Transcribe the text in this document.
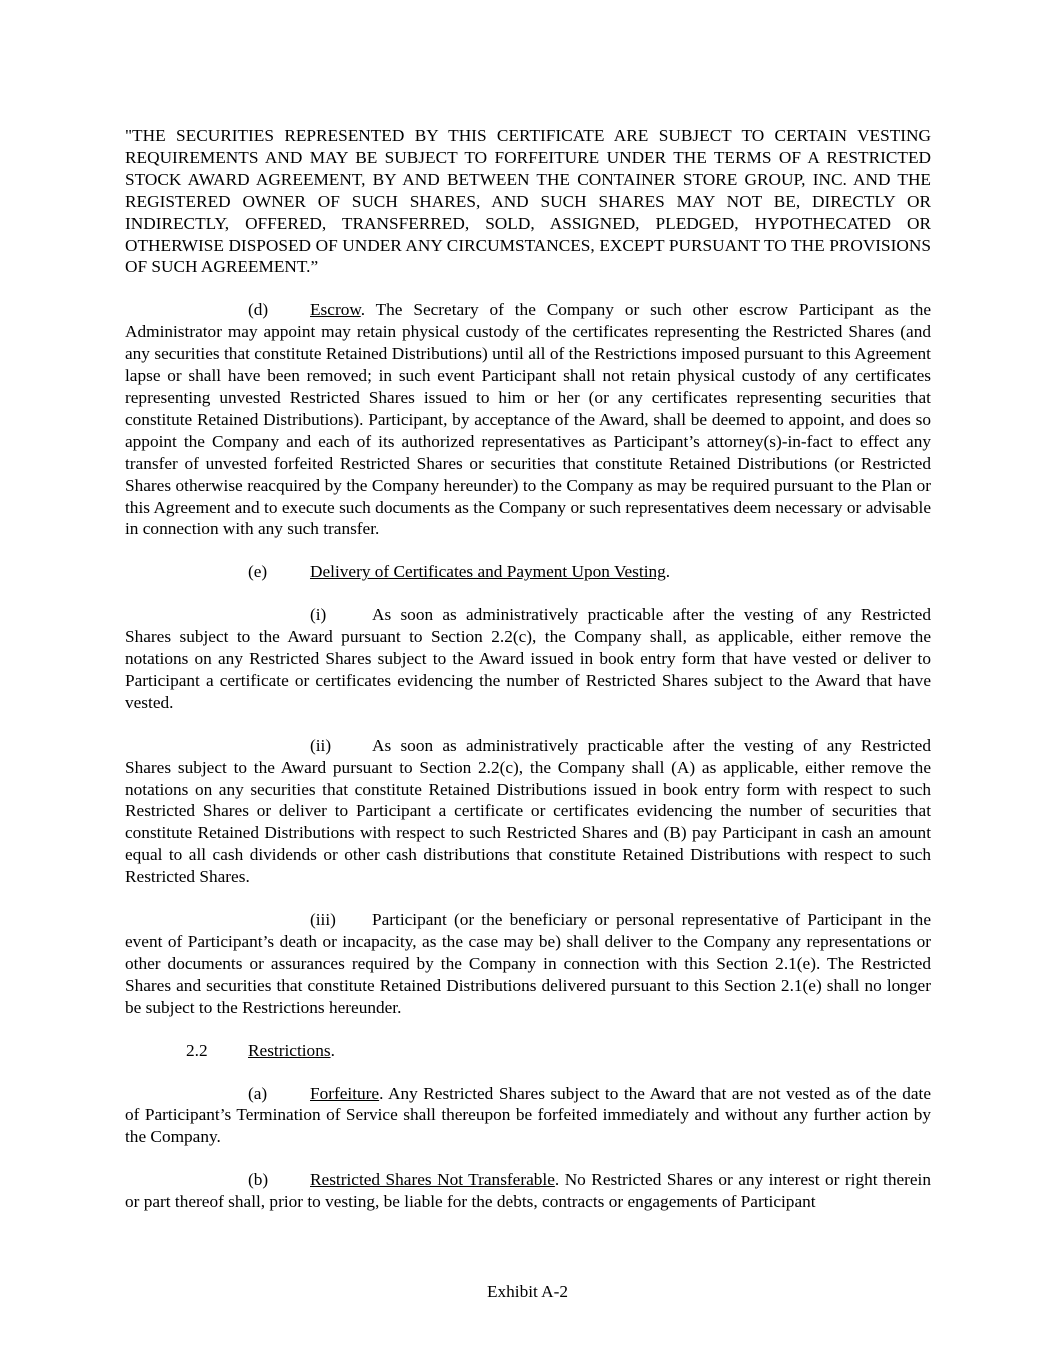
"THE SECURITIES REPRESENTED BY THIS CERTIFICATE ARE SUBJECT TO CERTAIN VESTING REQUIREMENTS AND MAY BE SUBJECT TO FORFEITURE UNDER THE TERMS OF A RESTRICTED STOCK AWARD AGREEMENT, BY AND BETWEEN THE CONTAINER STORE GROUP, INC. AND THE REGISTERED OWNER OF SUCH SHARES, AND SUCH SHARES MAY NOT BE, DIRECTLY OR INDIRECTLY, OFFERED, TRANSFERRED, SOLD, ASSIGNED, PLEDGED, HYPOTHECATED OR OTHERWISE DISPOSED OF UNDER ANY CIRCUMSTANCES, EXCEPT PURSUANT TO THE PROVISIONS OF SUCH AGREEMENT.”

(d) Escrow. The Secretary of the Company or such other escrow Participant as the Administrator may appoint may retain physical custody of the certificates representing the Restricted Shares (and any securities that constitute Retained Distributions) until all of the Restrictions imposed pursuant to this Agreement lapse or shall have been removed; in such event Participant shall not retain physical custody of any certificates representing unvested Restricted Shares issued to him or her (or any certificates representing securities that constitute Retained Distributions). Participant, by acceptance of the Award, shall be deemed to appoint, and does so appoint the Company and each of its authorized representatives as Participant’s attorney(s)-in-fact to effect any transfer of unvested forfeited Restricted Shares or securities that constitute Retained Distributions (or Restricted Shares otherwise reacquired by the Company hereunder) to the Company as may be required pursuant to the Plan or this Agreement and to execute such documents as the Company or such representatives deem necessary or advisable in connection with any such transfer.

(e) Delivery of Certificates and Payment Upon Vesting.

(i)	As soon as administratively practicable after the vesting of any Restricted Shares subject to the Award pursuant to Section 2.2(c), the Company shall, as applicable, either remove the notations on any Restricted Shares subject to the Award issued in book entry form that have vested or deliver to Participant a certificate or certificates evidencing the number of Restricted Shares subject to the Award that have vested.

(ii) As soon as administratively practicable after the vesting of any Restricted Shares subject to the Award pursuant to Section 2.2(c), the Company shall (A) as applicable, either remove the notations on any securities that constitute Retained Distributions issued in book entry form with respect to such Restricted Shares or deliver to Participant a certificate or certificates evidencing the number of securities that constitute Retained Distributions with respect to such Restricted Shares and (B) pay Participant in cash an amount equal to all cash dividends or other cash distributions that constitute Retained Distributions with respect to such Restricted Shares.

(iii) Participant (or the beneficiary or personal representative of Participant in the event of Participant’s death or incapacity, as the case may be) shall deliver to the Company any representations or other documents or assurances required by the Company in connection with this Section 2.1(e). The Restricted Shares and securities that constitute Retained Distributions delivered pursuant to this Section 2.1(e) shall no longer be subject to the Restrictions hereunder.

2.2 Restrictions.

(a) Forfeiture. Any Restricted Shares subject to the Award that are not vested as of the date of Participant’s Termination of Service shall thereupon be forfeited immediately and without any further action by the Company.

(b) Restricted Shares Not Transferable. No Restricted Shares or any interest or right therein or part thereof shall, prior to vesting, be liable for the debts, contracts or engagements of Participant

Exhibit A-2
